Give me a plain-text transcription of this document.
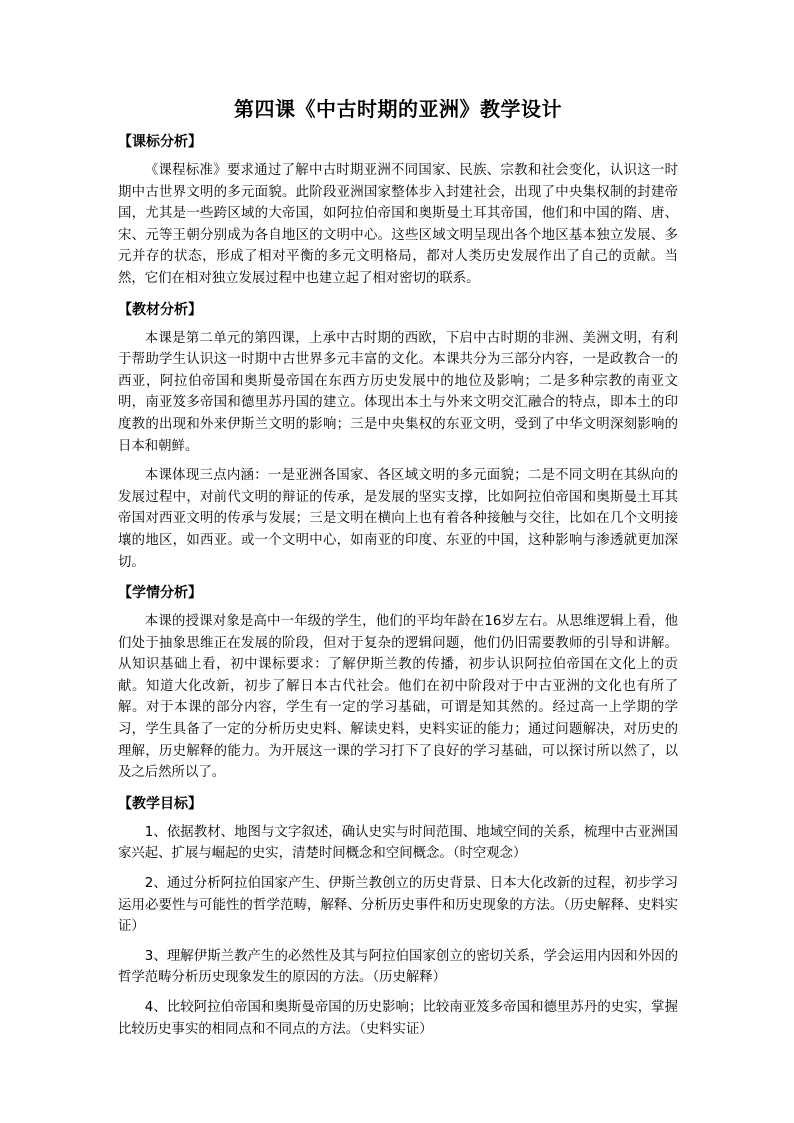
第四课《中古时期的亚洲》教学设计
【课标分析】

《课程标准》要求通过了解中古时期亚洲不同国家、民族、宗教和社会变化，认识这一时期中古世界文明的多元面貌。此阶段亚洲国家整体步入封建社会，出现了中央集权制的封建帝国，尤其是一些跨区域的大帝国，如阿拉伯帝国和奥斯曼土耳其帝国，他们和中国的隋、唐、宋、元等王朝分别成为各自地区的文明中心。这些区域文明呈现出各个地区基本独立发展、多元并存的状态，形成了相对平衡的多元文明格局，都对人类历史发展作出了自己的贡献。当然，它们在相对独立发展过程中也建立起了相对密切的联系。

【教材分析】

本课是第二单元的第四课，上承中古时期的西欧，下启中古时期的非洲、美洲文明，有利于帮助学生认识这一时期中古世界多元丰富的文化。本课共分为三部分内容，一是政教合一的西亚，阿拉伯帝国和奥斯曼帝国在东西方历史发展中的地位及影响；二是多种宗教的南亚文明，南亚笈多帝国和德里苏丹国的建立。体现出本土与外来文明交汇融合的特点，即本土的印度教的出现和外来伊斯兰文明的影响；三是中央集权的东亚文明，受到了中华文明深刻影响的日本和朝鲜。

本课体现三点内涵：一是亚洲各国家、各区域文明的多元面貌；二是不同文明在其纵向的发展过程中，对前代文明的辩证的传承，是发展的坚实支撑，比如阿拉伯帝国和奥斯曼土耳其帝国对西亚文明的传承与发展；三是文明在横向上也有着各种接触与交往，比如在几个文明接壤的地区，如西亚。或一个文明中心，如南亚的印度、东亚的中国，这种影响与渗透就更加深切。

【学情分析】

本课的授课对象是高中一年级的学生，他们的平均年龄在16岁左右。从思维逻辑上看，他们处于抽象思维正在发展的阶段，但对于复杂的逻辑问题，他们仍旧需要教师的引导和讲解。从知识基础上看，初中课标要求：了解伊斯兰教的传播，初步认识阿拉伯帝国在文化上的贡献。知道大化改新，初步了解日本古代社会。他们在初中阶段对于中古亚洲的文化也有所了解。对于本课的部分内容，学生有一定的学习基础，可谓是知其然的。经过高一上学期的学习，学生具备了一定的分析历史史料、解读史料，史料实证的能力；通过问题解决，对历史的理解，历史解释的能力。为开展这一课的学习打下了良好的学习基础，可以探讨所以然了，以及之后然所以了。

【教学目标】

1、依据教材、地图与文字叙述，确认史实与时间范围、地域空间的关系，梳理中古亚洲国家兴起、扩展与崛起的史实，清楚时间概念和空间概念。（时空观念）

2、通过分析阿拉伯国家产生、伊斯兰教创立的历史背景、日本大化改新的过程，初步学习运用必要性与可能性的哲学范畴，解释、分析历史事件和历史现象的方法。（历史解释、史料实证）

3、理解伊斯兰教产生的必然性及其与阿拉伯国家创立的密切关系，学会运用内因和外因的哲学范畴分析历史现象发生的原因的方法。（历史解释）

4、比较阿拉伯帝国和奥斯曼帝国的历史影响；比较南亚笈多帝国和德里苏丹的史实，掌握比较历史事实的相同点和不同点的方法。（史料实证）
